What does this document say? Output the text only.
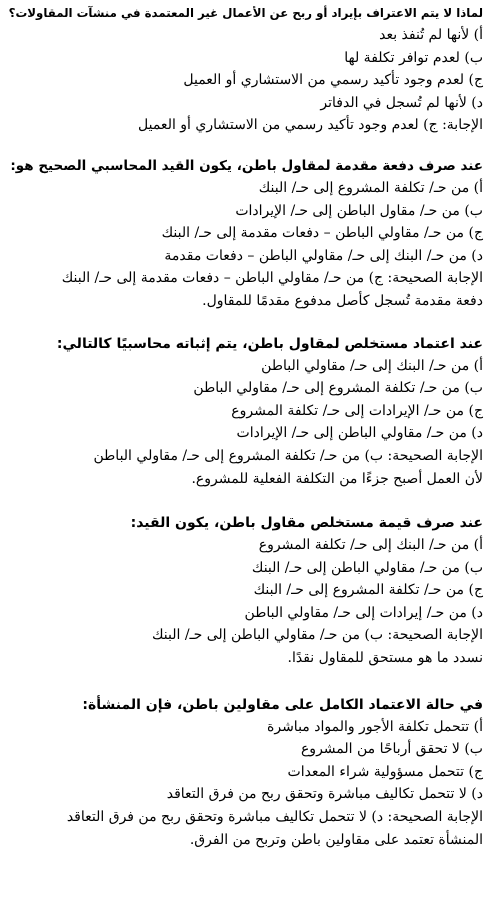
لماذا لا يتم الاعتراف بإيراد أو ربح عن الأعمال غير المعتمدة في منشآت المقاولات؟

أ) لأنها لم تُنفذ بعد

ب) لعدم توافر تكلفة لها

ج) لعدم وجود تأكيد رسمي من الاستشاري أو العميل

د) لأنها لم تُسجل في الدفاتر

الإجابة: ج) لعدم وجود تأكيد رسمي من الاستشاري أو العميل

عند صرف دفعة مقدمة لمقاول باطن، يكون القيد المحاسبي الصحيح هو:

أ) من حـ/ تكلفة المشروع إلى حـ/ البنك

ب) من حـ/ مقاول الباطن إلى حـ/ الإيرادات

ج) من حـ/ مقاولي الباطن – دفعات مقدمة إلى حـ/ البنك

د) من حـ/ البنك إلى حـ/ مقاولي الباطن – دفعات مقدمة

الإجابة الصحيحة: ج) من حـ/ مقاولي الباطن – دفعات مقدمة إلى حـ/ البنك

دفعة مقدمة تُسجل كأصل مدفوع مقدمًا للمقاول.

عند اعتماد مستخلص لمقاول باطن، يتم إثباته محاسبيًا كالتالي:

أ) من حـ/ البنك إلى حـ/ مقاولي الباطن

ب) من حـ/ تكلفة المشروع إلى حـ/ مقاولي الباطن

ج) من حـ/ الإيرادات إلى حـ/ تكلفة المشروع

د) من حـ/ مقاولي الباطن إلى حـ/ الإيرادات

الإجابة الصحيحة: ب) من حـ/ تكلفة المشروع إلى حـ/ مقاولي الباطن

لأن العمل أصبح جزءًا من التكلفة الفعلية للمشروع.

عند صرف قيمة مستخلص مقاول باطن، يكون القيد:

أ) من حـ/ البنك إلى حـ/ تكلفة المشروع

ب) من حـ/ مقاولي الباطن إلى حـ/ البنك

ج) من حـ/ تكلفة المشروع إلى حـ/ البنك

د) من حـ/ إيرادات إلى حـ/ مقاولي الباطن

الإجابة الصحيحة: ب) من حـ/ مقاولي الباطن إلى حـ/ البنك

نسدد ما هو مستحق للمقاول نقدًا.

في حالة الاعتماد الكامل على مقاولين باطن، فإن المنشأة:

أ) تتحمل تكلفة الأجور والمواد مباشرة

ب) لا تحقق أرباحًا من المشروع

ج) تتحمل مسؤولية شراء المعدات

د) لا تتحمل تكاليف مباشرة وتحقق ربح من فرق التعاقد

الإجابة الصحيحة: د) لا تتحمل تكاليف مباشرة وتحقق ربح من فرق التعاقد

المنشأة تعتمد على مقاولين باطن وتربح من الفرق.
